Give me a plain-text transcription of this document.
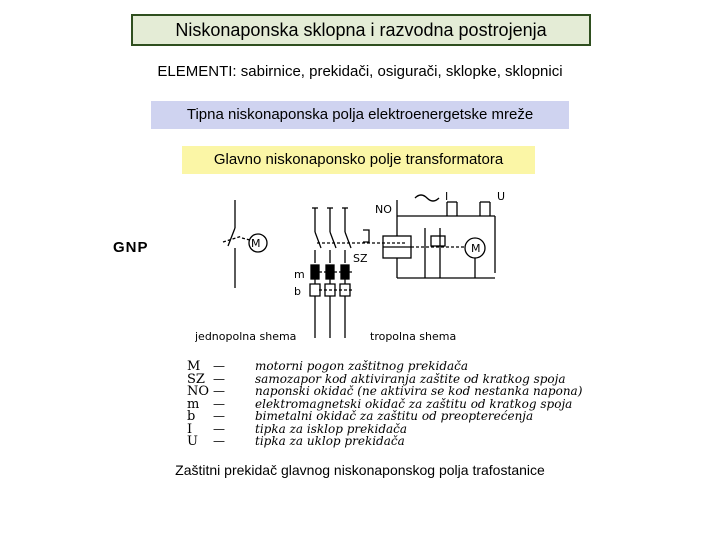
Niskonaponska sklopna i razvodna postrojenja
ELEMENTI: sabirnice, prekidači, osigurači, sklopke, sklopnici
Tipna niskonaponska polja elektroenergetske mreže
Glavno niskonaponsko polje transformatora
GNP	M
NO
SZ
I	U
M
m
b
jednopolna shema	tropolna shema
M —	motorni pogon zaštitnog prekidača
SZ —	samozapor kod aktiviranja zaštite od kratkog spoja
NO —	naponski okidač (ne aktivira se kod nestanka napona)
m —	elektromagnetski okidač za zaštitu od kratkog spoja
b —	bimetalni okidač za zaštitu od preopterećenja
I —	tipka za isklop prekidača
U —	tipka za uklop prekidača
Zaštitni prekidač glavnog niskonaponskog polja trafostanice
